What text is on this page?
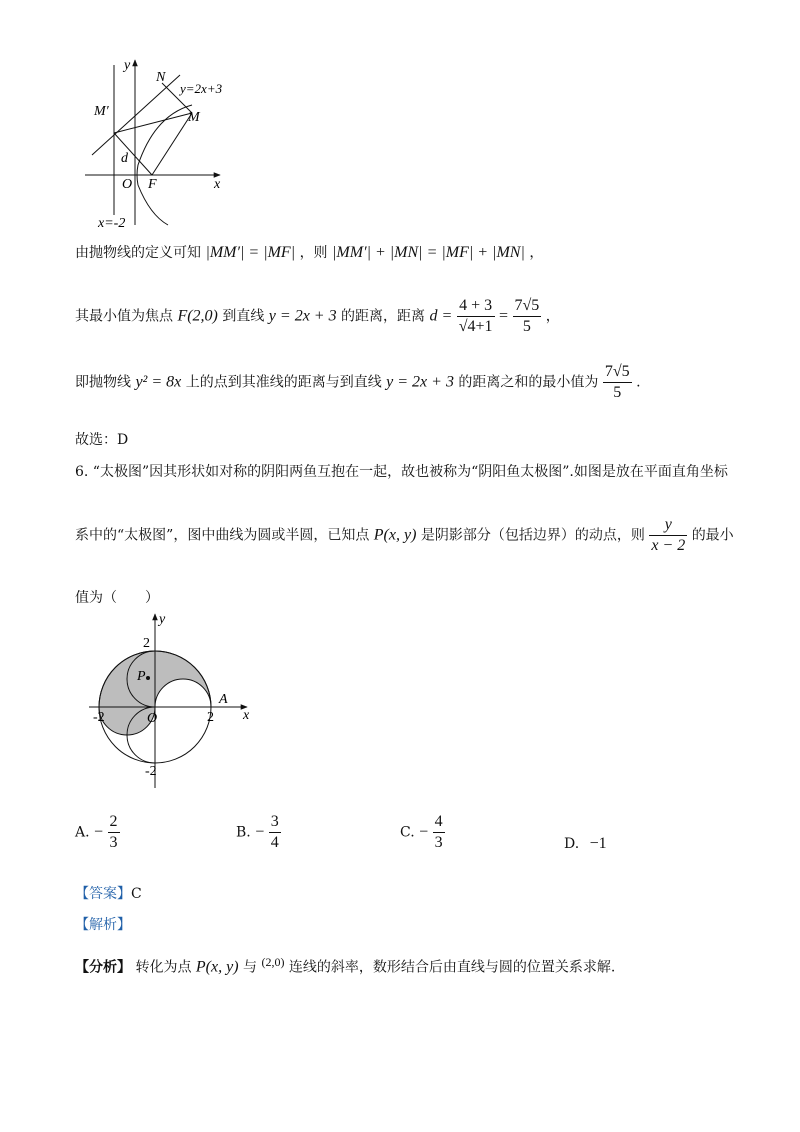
y
N
y=2x+3
M′	M
d
O F	x
x=-2
由抛物线的定义可知 |MM′| = |MF| ，则 |MM′| + |MN| = |MF| + |MN| ，
其最小值为焦点 F(2,0) 到直线 y = 2x + 3 的距离，距离 $d = \frac{4 + 3}{√4+1} = \frac{7√5}{5}$ ，
即抛物线 y² = 8x 上的点到其准线的距离与到直线 y = 2x + 3 的距离之和的最小值为 $\frac{7√5}{5}$ .
故选：D
6. “太极图”因其形状如对称的阴阳两鱼互抱在一起，故也被称为“阴阳鱼太极图”.如图是放在平面直角坐标
系中的“太极图”，图中曲线为圆或半圆，已知点 P(x, y) 是阴影部分（包括边界）的动点，则 $\frac{y}{x - 2}$ 的最小
值为（　　）
y
2
P
A
-2	O	2 x
-2
A. − $\frac{2}{3}$	B. − $\frac{3}{4}$	C. − $\frac{4}{3}$	D. −1
【答案】C
【解析】
【分析】 转化为点 P(x, y) 与 (2,0) 连线的斜率，数形结合后由直线与圆的位置关系求解.
